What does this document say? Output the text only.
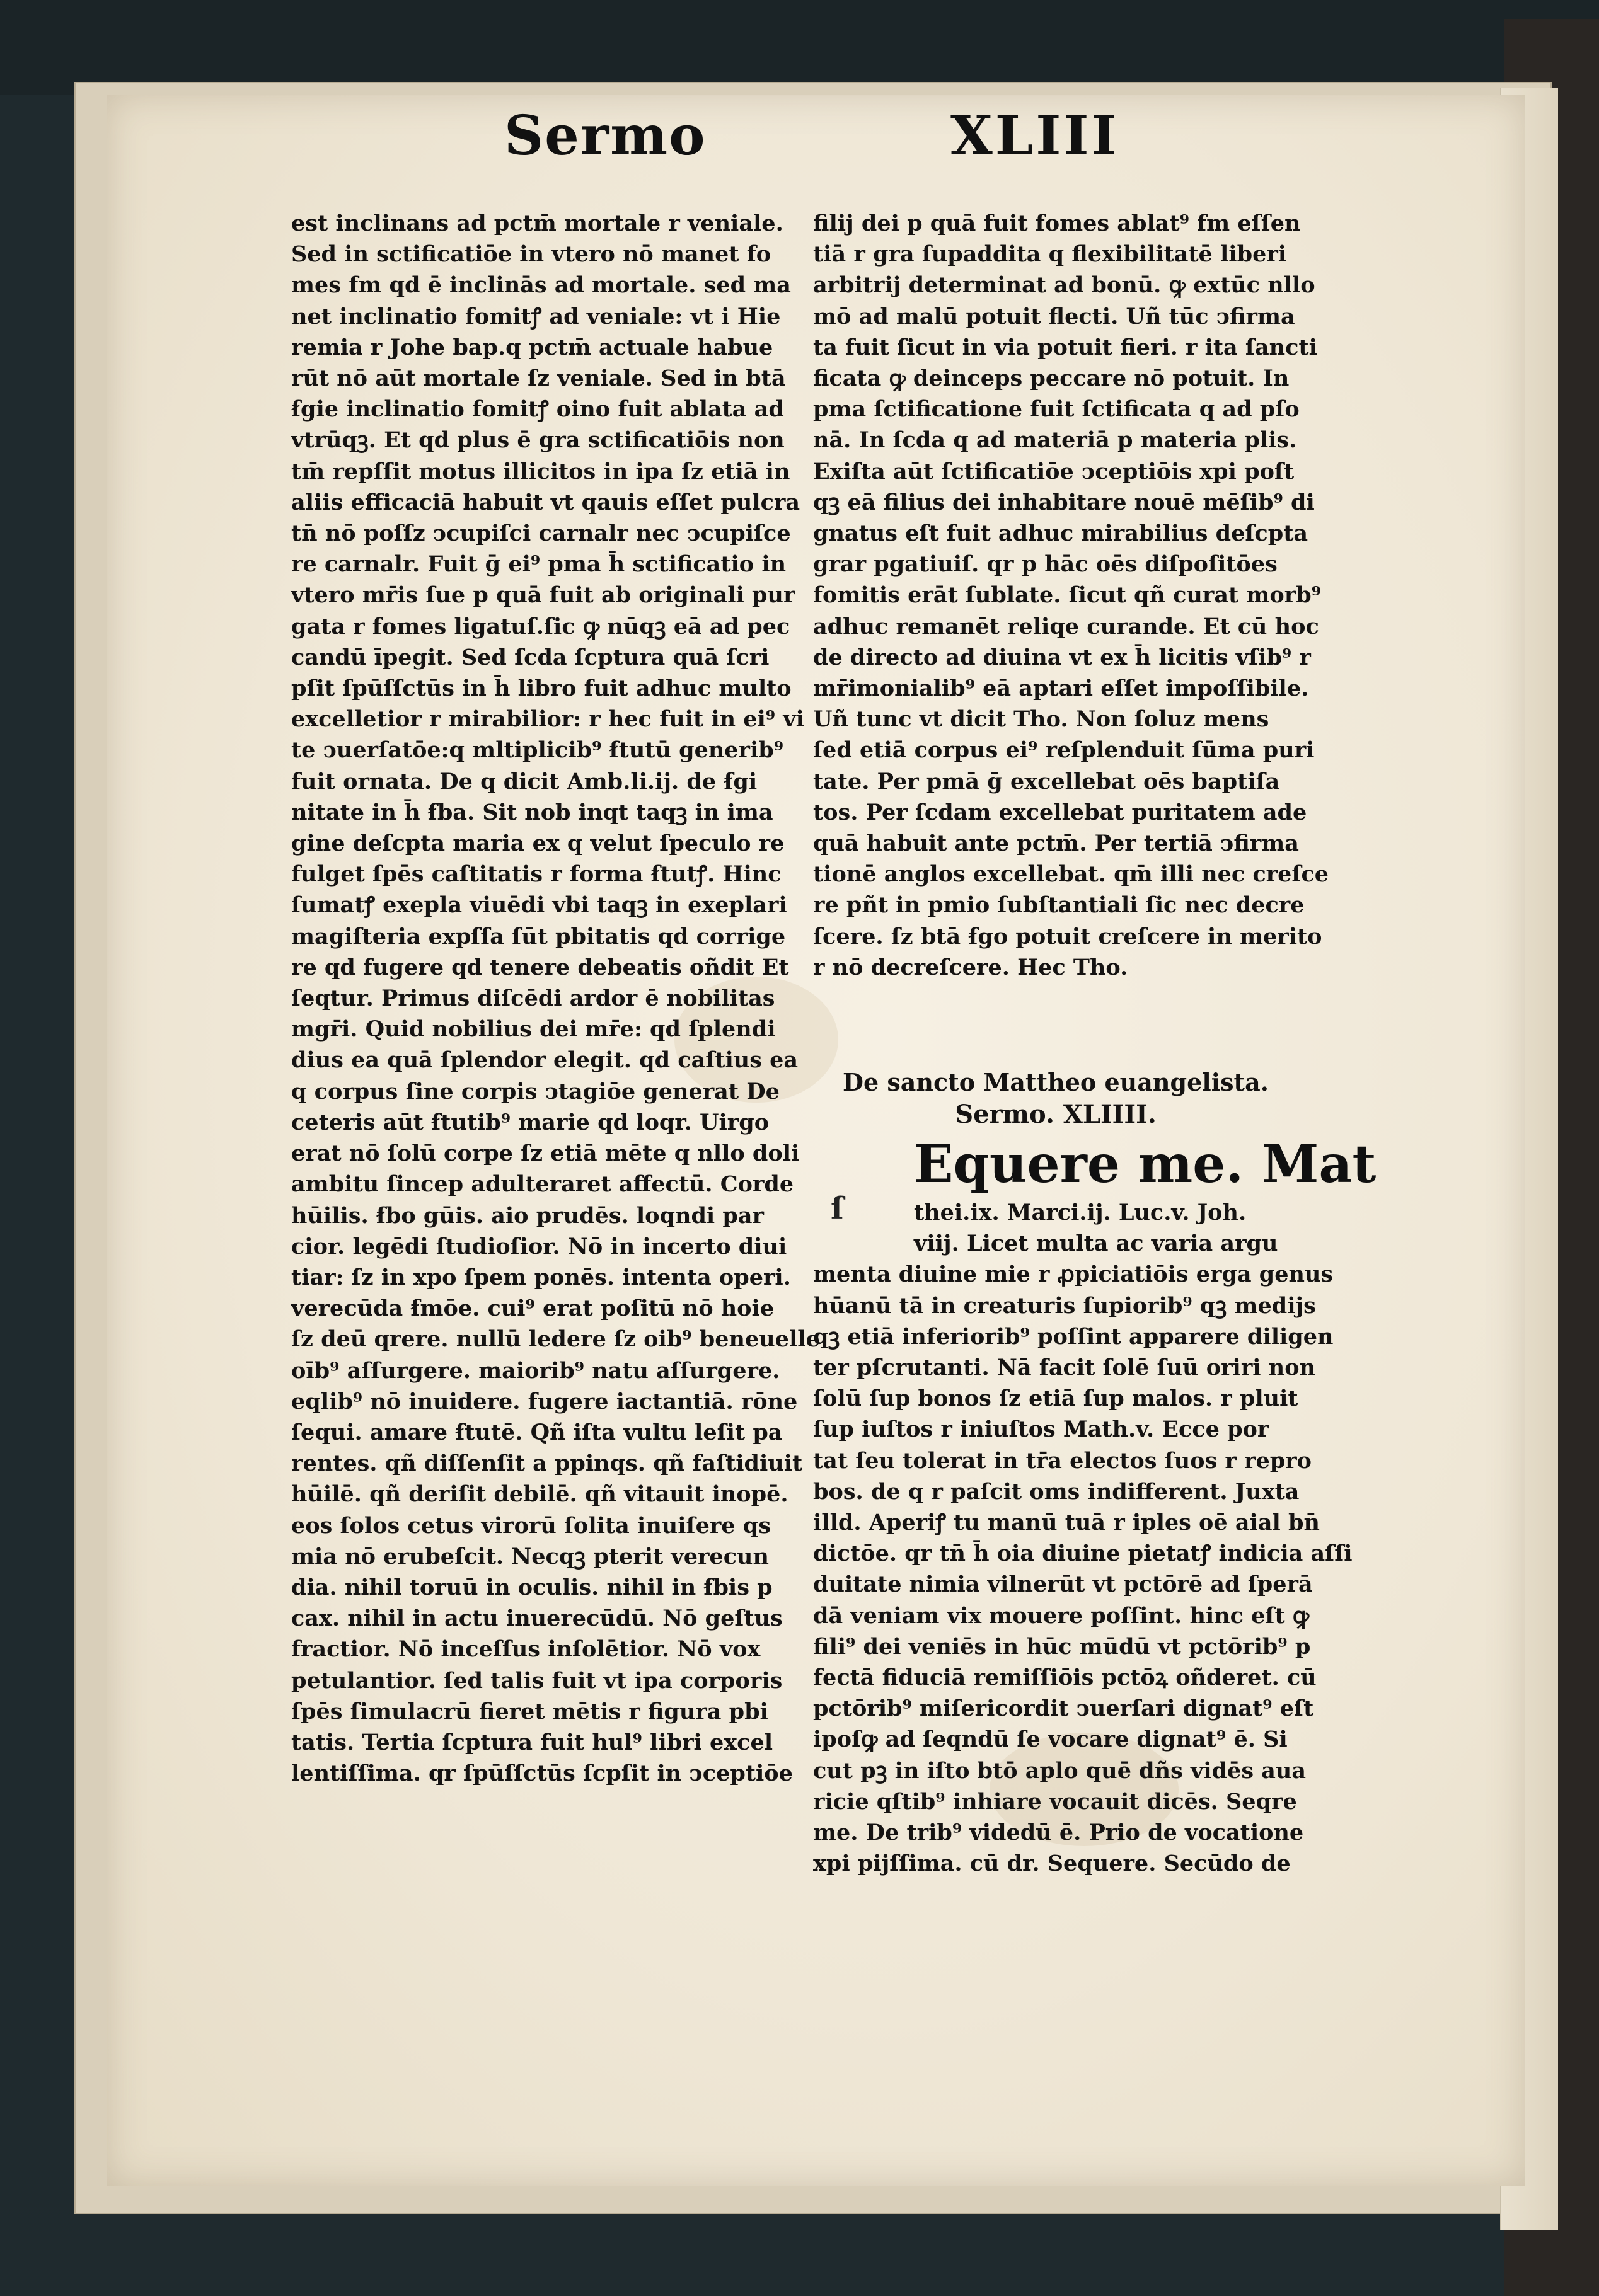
Sermo	XLIII
est inclinans ad pctm̄ mortale r veniale.
Sed in sctificatiōe in vtero nō manet fo
mes fm qd ē inclinās ad mortale. sed ma
net inclinatio fomitꝭ ad veniale: vt i Hie
remia r Johe bap.q pctm̄ actuale habue
rūt nō aūt mortale ſz veniale. Sed in btā
ẜgie inclinatio fomitꝭ oino fuit ablata ad
vtrūqꝫ. Et qd plus ē gra sctificatiōis non
tm̄ repſſit motus illicitos in ipa ſz etiā in
aliis efficaciā habuit vt qauis eſſet pulcra
tn̄ nō poſſz ↄcupiſci carnalr nec ↄcupiſce
re carnalr. Fuit ḡ ei⁹ pma h̄ sctificatio in
vtero mr̄is ſue p quā fuit ab originali pur
gata r fomes ligatuſ.ſic ꝙ nūqꝫ eā ad pec
candū īpegit. Sed ſcda ſcptura quā ſcri
pſit ſpūſſctūs in h̄ libro fuit adhuc multo
excelletior r mirabilior: r hec fuit in ei⁹ vi
te ↄuerſatōe:q mltiplicib⁹ ẜtutū generib⁹
fuit ornata. De q dicit Amb.li.ij. de ẜgi
nitate in h̄ ẜba. Sit nob inqt taqꝫ in ima
gine deſcpta maria ex q velut ſpeculo re
fulget ſpēs caſtitatis r forma ẜtutꝭ. Hinc
ſumatꝭ exepla viuēdi vbi taqꝫ in exeplari
magiſteria expſſa ſūt pbitatis qd corrige
re qd fugere qd tenere debeatis oñdit Et
ſeqtur. Primus diſcēdi ardor ē nobilitas
mgr̄i. Quid nobilius dei mr̄e: qd ſplendi
dius ea quā ſplendor elegit. qd caſtius ea
q corpus ſine corpis ↄtagiōe generat De
ceteris aūt ẜtutib⁹ marie qd loqr. Uirgo
erat nō ſolū corpe ſz etiā mēte q nllo doli
ambitu ſincep adulteraret affectū. Corde
hūilis. ẜbo gūis. aio prudēs. loqndi par
cior. legēdi ſtudioſior. Nō in incerto diui
tiar: ſz in xpo ſpem ponēs. intenta operi.
verecūda ẜmōe. cui⁹ erat poſitū nō hoie
ſz deū qrere. nullū ledere ſz oib⁹ beneuelle
oīb⁹ aſſurgere. maiorib⁹ natu aſſurgere.
eqlib⁹ nō inuidere. fugere iactantiā. rōne
ſequi. amare ẜtutē. Qñ iſta vultu leſit pa
rentes. qñ diſſenſit a ppinqs. qñ faſtidiuit
hūilē. qñ deriſit debilē. qñ vitauit inopē.
eos ſolos cetus virorū ſolita inuiſere qs
mia nō erubeſcit. Necqꝫ pterit verecun
dia. nihil toruū in oculis. nihil in ẜbis p
cax. nihil in actu inuerecūdū. Nō geſtus
fractior. Nō inceſſus inſolētior. Nō vox
petulantior. ſed talis fuit vt ipa corporis
ſpēs ſimulacrū fieret mētis r figura pbi
tatis. Tertia ſcptura fuit hul⁹ libri excel
lentiſſima. qr ſpūſſctūs ſcpſit in ↄceptiōe
filij dei p quā fuit fomes ablat⁹ fm eſſen
tiā r gra ſupaddita q flexibilitatē liberi
arbitrij determinat ad bonū. ꝙ extūc nllo
mō ad malū potuit flecti. Uñ tūc ↄfirma
ta fuit ſicut in via potuit fieri. r ita ſancti
ficata ꝙ deinceps peccare nō potuit. In
pma ſctificatione fuit ſctificata q ad pſo
nā. In ſcda q ad materiā p materia plis.
Exiſta aūt ſctificatiōe ↄceptiōis xpi poſt
qꝫ eā filius dei inhabitare nouē mēſib⁹ di
gnatus eſt fuit adhuc mirabilius deſcpta
grar pgatiuiſ. qr p hāc oēs diſpoſitōes
fomitis erāt ſublate. ſicut qñ curat morb⁹
adhuc remanēt reliqe curande. Et cū hoc
de directo ad diuina vt ex h̄ licitis vſib⁹ r
mr̄imonialib⁹ eā aptari eſſet impoſſibile.
Uñ tunc vt dicit Tho. Non ſoluz mens
ſed etiā corpus ei⁹ reſplenduit ſūma puri
tate. Per pmā ḡ excellebat oēs baptiſa
tos. Per ſcdam excellebat puritatem ade
quā habuit ante pctm̄. Per tertiā ↄfirma
tionē anglos excellebat. qm̄ illi nec creſce
re pñt in pmio ſubſtantiali ſic nec decre
ſcere. ſz btā ẜgo potuit creſcere in merito
r nō decreſcere. Hec Tho.
De sancto Mattheo euangelista.
Sermo. XLIIII.
Equere me. Mat
ſ	thei.ix. Marci.ij. Luc.v. Joh.
viij. Licet multa ac varia argu
menta diuine mie r ꝓpiciatiōis erga genus
hūanū tā in creaturis ſupiorib⁹ qꝫ medijs
qꝫ etiā inferiorib⁹ poſſint apparere diligen
ter pſcrutanti. Nā facit ſolē ſuū oriri non
ſolū ſup bonos ſz etiā ſup malos. r pluit
ſup iuſtos r iniuſtos Math.v. Ecce por
tat ſeu tolerat in tr̄a electos ſuos r repro
bos. de q r paſcit oms indifferent. Juxta
illd. Aperiꝭ tu manū tuā r iples oē aial bn̄
dictōe. qr tn̄ h̄ oia diuine pietatꝭ indicia aſſi
duitate nimia vilnerūt vt pctōrē ad ſperā
dā veniam vix mouere poſſint. hinc eſt ꝙ
fili⁹ dei veniēs in hūc mūdū vt pctōrib⁹ p
fectā fiduciā remiſſiōis pctōꝝ oñderet. cū
pctōrib⁹ miſericordit ↄuerſari dignat⁹ eſt
ipoſꝙ ad ſeqndū ſe vocare dignat⁹ ē. Si
cut pꝫ in iſto btō aplo quē dñs vidēs aua
ricie qſtib⁹ inhiare vocauit dicēs. Seqre
me. De trib⁹ videdū ē. Prio de vocatione
xpi pijſſima. cū dr. Sequere. Secūdo de
